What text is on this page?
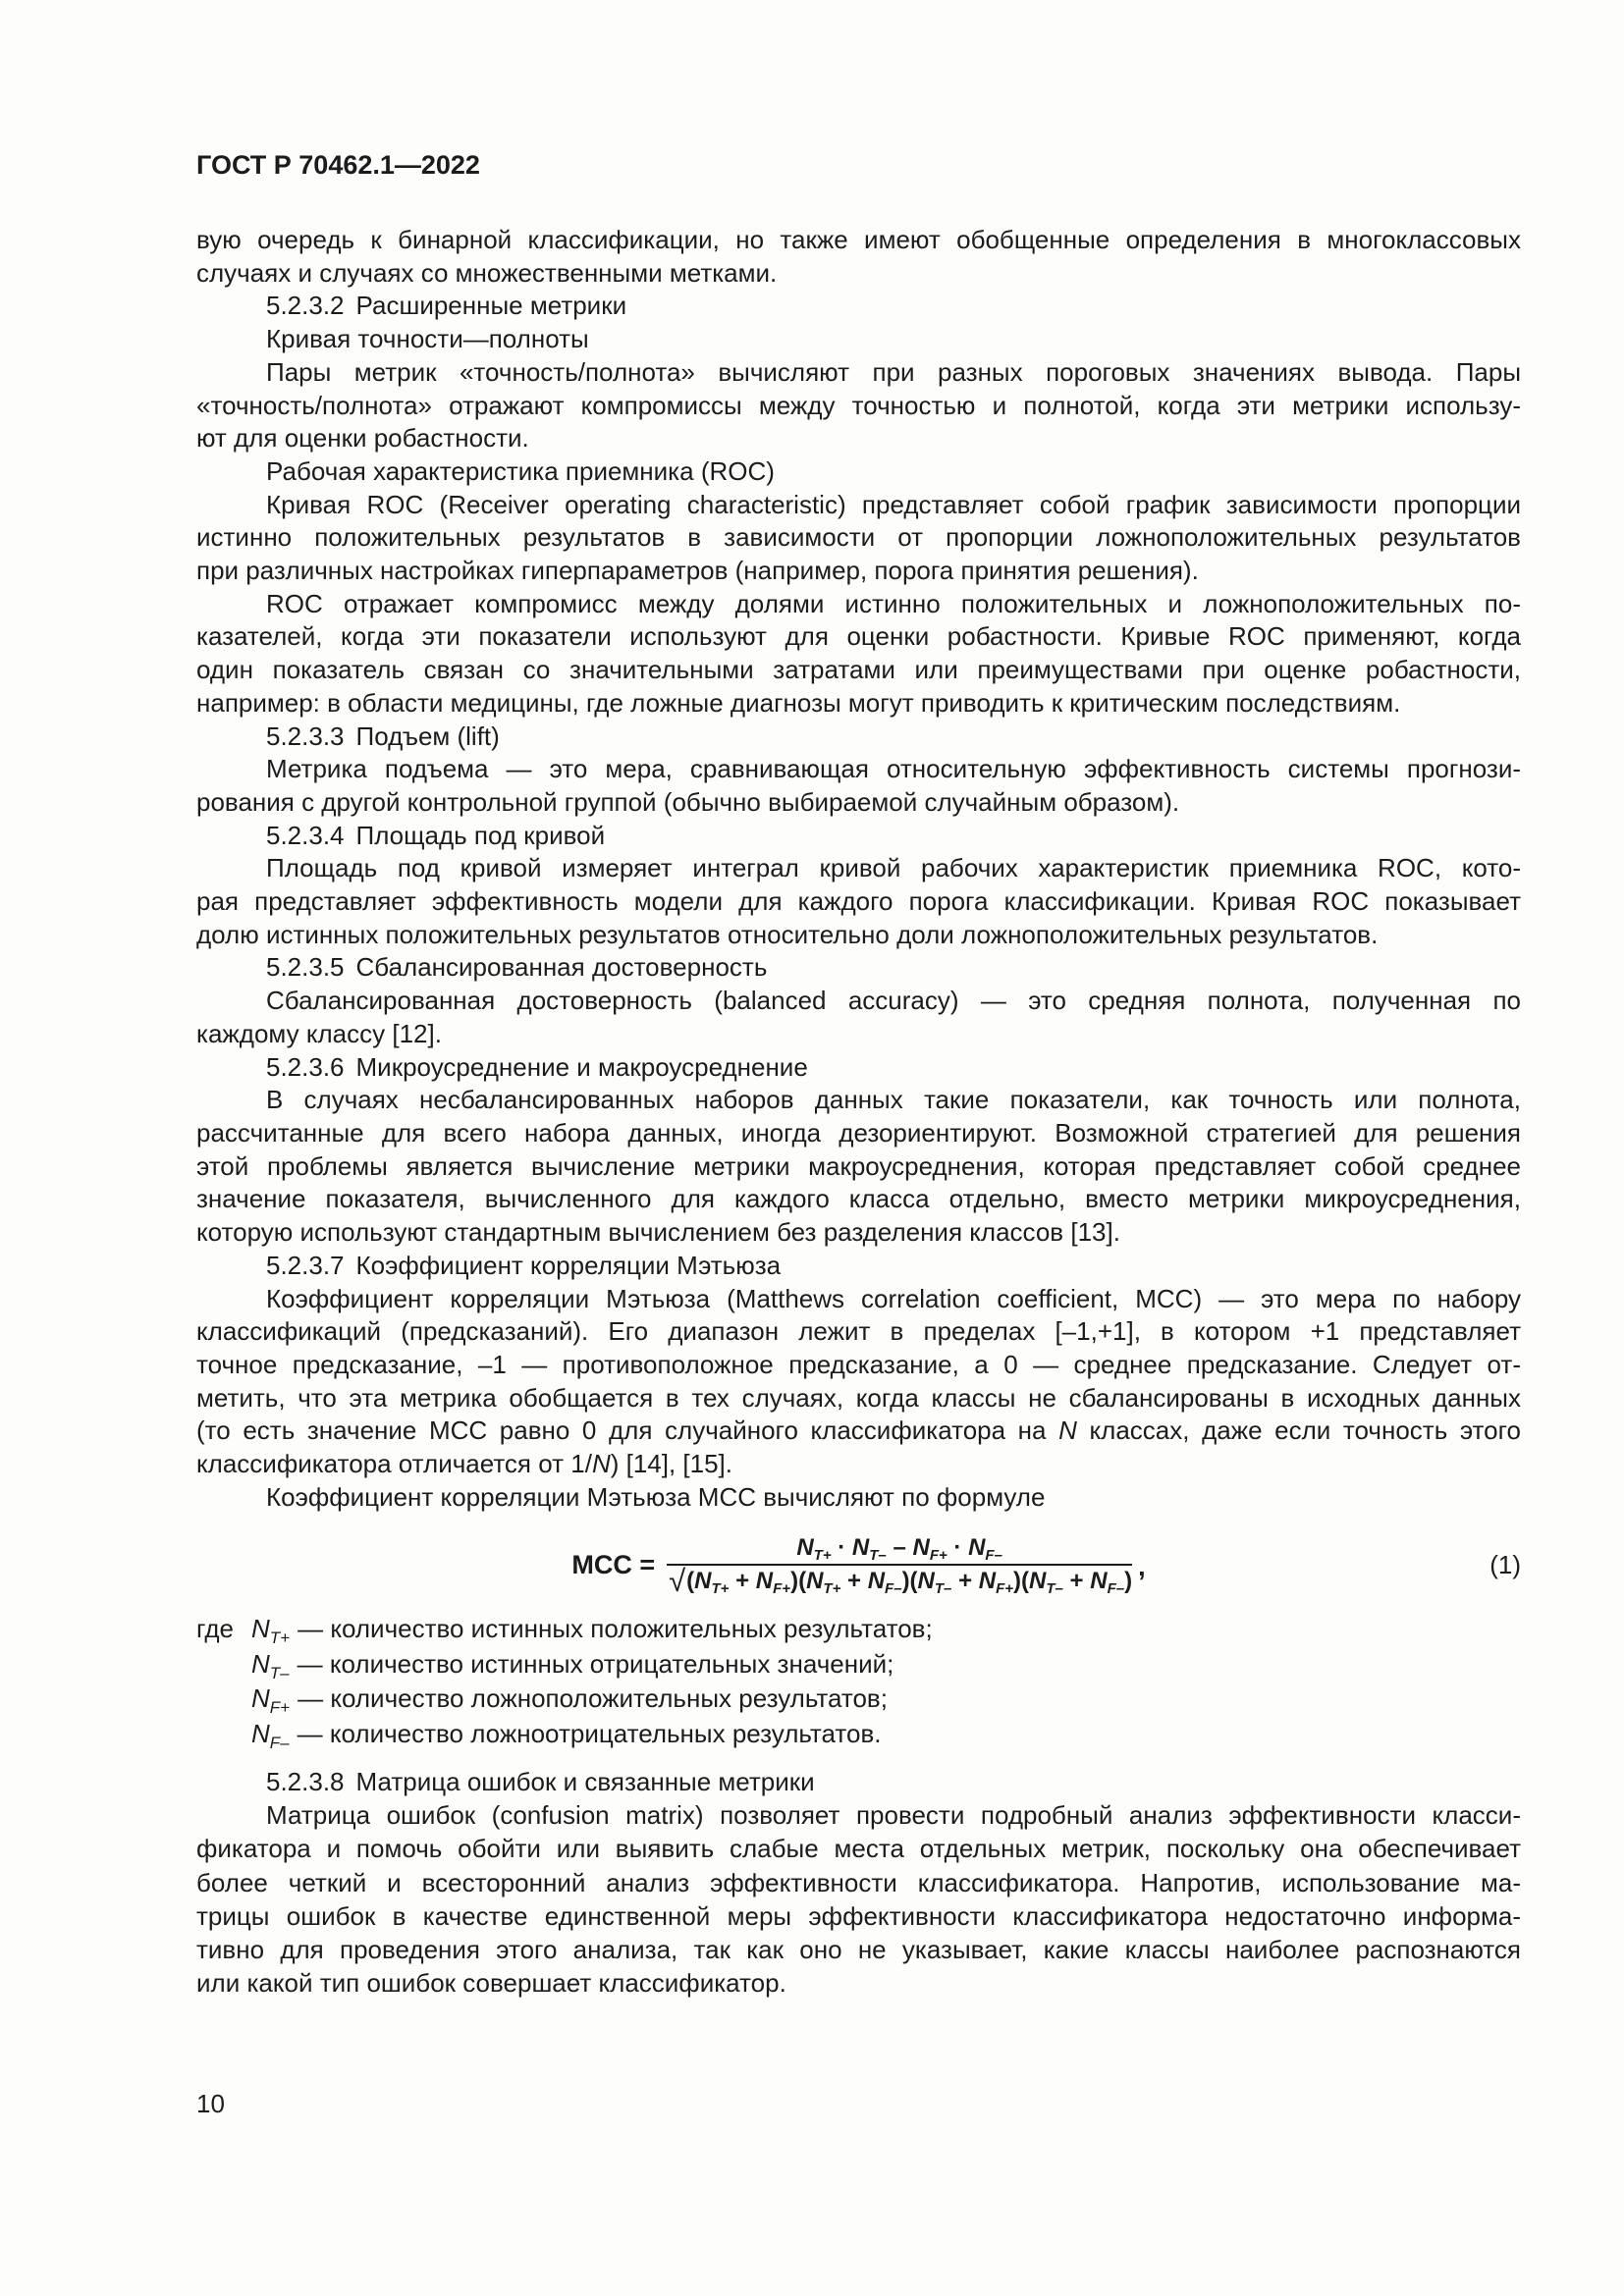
ГОСТ Р 70462.1—2022
вую очередь к бинарной классификации, но также имеют обобщенные определения в многоклассовых
случаях и случаях со множественными метками.
5.2.3.2 Расширенные метрики
Кривая точности—полноты
Пары метрик «точность/полнота» вычисляют при разных пороговых значениях вывода. Пары
«точность/полнота» отражают компромиссы между точностью и полнотой, когда эти метрики использу-
ют для оценки робастности.
Рабочая характеристика приемника (ROC)
Кривая ROC (Receiver operating characteristic) представляет собой график зависимости пропорции
истинно положительных результатов в зависимости от пропорции ложноположительных результатов
при различных настройках гиперпараметров (например, порога принятия решения).
ROC отражает компромисс между долями истинно положительных и ложноположительных по-
казателей, когда эти показатели используют для оценки робастности. Кривые ROC применяют, когда
один показатель связан со значительными затратами или преимуществами при оценке робастности,
например: в области медицины, где ложные диагнозы могут приводить к критическим последствиям.
5.2.3.3 Подъем (lift)
Метрика подъема — это мера, сравнивающая относительную эффективность системы прогнози-
рования с другой контрольной группой (обычно выбираемой случайным образом).
5.2.3.4 Площадь под кривой
Площадь под кривой измеряет интеграл кривой рабочих характеристик приемника ROC, кото-
рая представляет эффективность модели для каждого порога классификации. Кривая ROC показывает
долю истинных положительных результатов относительно доли ложноположительных результатов.
5.2.3.5 Сбалансированная достоверность
Сбалансированная достоверность (balanced accuracy) — это средняя полнота, полученная по
каждому классу [12].
5.2.3.6 Микроусреднение и макроусреднение
В случаях несбалансированных наборов данных такие показатели, как точность или полнота,
рассчитанные для всего набора данных, иногда дезориентируют. Возможной стратегией для решения
этой проблемы является вычисление метрики макроусреднения, которая представляет собой среднее
значение показателя, вычисленного для каждого класса отдельно, вместо метрики микроусреднения,
которую используют стандартным вычислением без разделения классов [13].
5.2.3.7 Коэффициент корреляции Мэтьюза
Коэффициент корреляции Мэтьюза (Matthews correlation coefficient, MCC) — это мера по набору
классификаций (предсказаний). Его диапазон лежит в пределах [–1,+1], в котором +1 представляет
точное предсказание, –1 — противоположное предсказание, а 0 — среднее предсказание. Следует от-
метить, что эта метрика обобщается в тех случаях, когда классы не сбалансированы в исходных данных
(то есть значение MCC равно 0 для случайного классификатора на N классах, даже если точность этого
классификатора отличается от 1/N) [14], [15].
Коэффициент корреляции Мэтьюза MCC вычисляют по формуле
MCC = $\frac{N_{T+} \cdot N_{T-} - N_{F+} \cdot N_{F-}}{√ (N_{T+} + N_{F+})(N_{T+} + N_{F-})(N_{T-} + N_{F+})(N_{T-} + N_{F-})}$ ,	(1)
где $N_{T+}$ — количество истинных положительных результатов;
$N_{T-}$ — количество истинных отрицательных значений;
$N_{F+}$ — количество ложноположительных результатов;
$N_{F-}$ — количество ложноотрицательных результатов.
5.2.3.8 Матрица ошибок и связанные метрики
Матрица ошибок (confusion matrix) позволяет провести подробный анализ эффективности класси-
фикатора и помочь обойти или выявить слабые места отдельных метрик, поскольку она обеспечивает
более четкий и всесторонний анализ эффективности классификатора. Напротив, использование ма-
трицы ошибок в качестве единственной меры эффективности классификатора недостаточно информа-
тивно для проведения этого анализа, так как оно не указывает, какие классы наиболее распознаются
или какой тип ошибок совершает классификатор.
10
